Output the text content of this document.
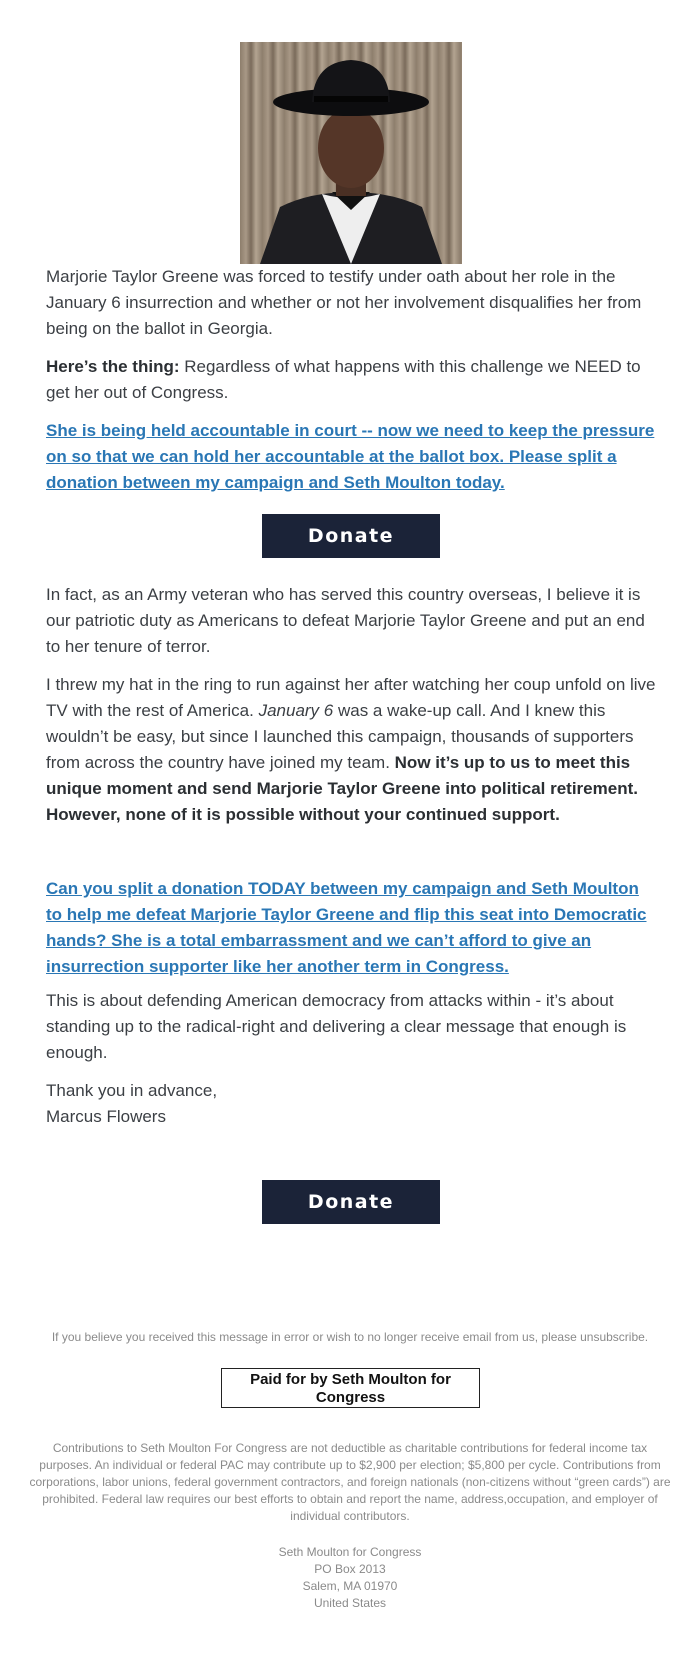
Marjorie Taylor Greene was forced to testify under oath about her role in the January 6 insurrection and whether or not her involvement disqualifies her from being on the ballot in Georgia.

Here’s the thing: Regardless of what happens with this challenge we NEED to get her out of Congress.

She is being held accountable in court -- now we need to keep the pressure on so that we can hold her accountable at the ballot box. Please split a donation between my campaign and Seth Moulton today.

Donate

In fact, as an Army veteran who has served this country overseas, I believe it is our patriotic duty as Americans to defeat Marjorie Taylor Greene and put an end to her tenure of terror.

I threw my hat in the ring to run against her after watching her coup unfold on live TV with the rest of America. January 6 was a wake-up call. And I knew this wouldn’t be easy, but since I launched this campaign, thousands of supporters from across the country have joined my team. Now it’s up to us to meet this unique moment and send Marjorie Taylor Greene into political retirement. However, none of it is possible without your continued support.

Can you split a donation TODAY between my campaign and Seth Moulton to help me defeat Marjorie Taylor Greene and flip this seat into Democratic hands? She is a total embarrassment and we can’t afford to give an insurrection supporter like her another term in Congress.

This is about defending American democracy from attacks within - it’s about standing up to the radical-right and delivering a clear message that enough is enough.

Thank you in advance,

Marcus Flowers

Donate
If you believe you received this message in error or wish to no longer receive email from us, please unsubscribe.
Paid for by Seth Moulton for Congress
Contributions to Seth Moulton For Congress are not deductible as charitable contributions for federal income tax purposes. An individual or federal PAC may contribute up to $2,900 per election; $5,800 per cycle. Contributions from corporations, labor unions, federal government contractors, and foreign nationals (non-citizens without “green cards”) are prohibited. Federal law requires our best efforts to obtain and report the name, address,occupation, and employer of individual contributors.
Seth Moulton for Congress
PO Box 2013
Salem, MA 01970
United States
